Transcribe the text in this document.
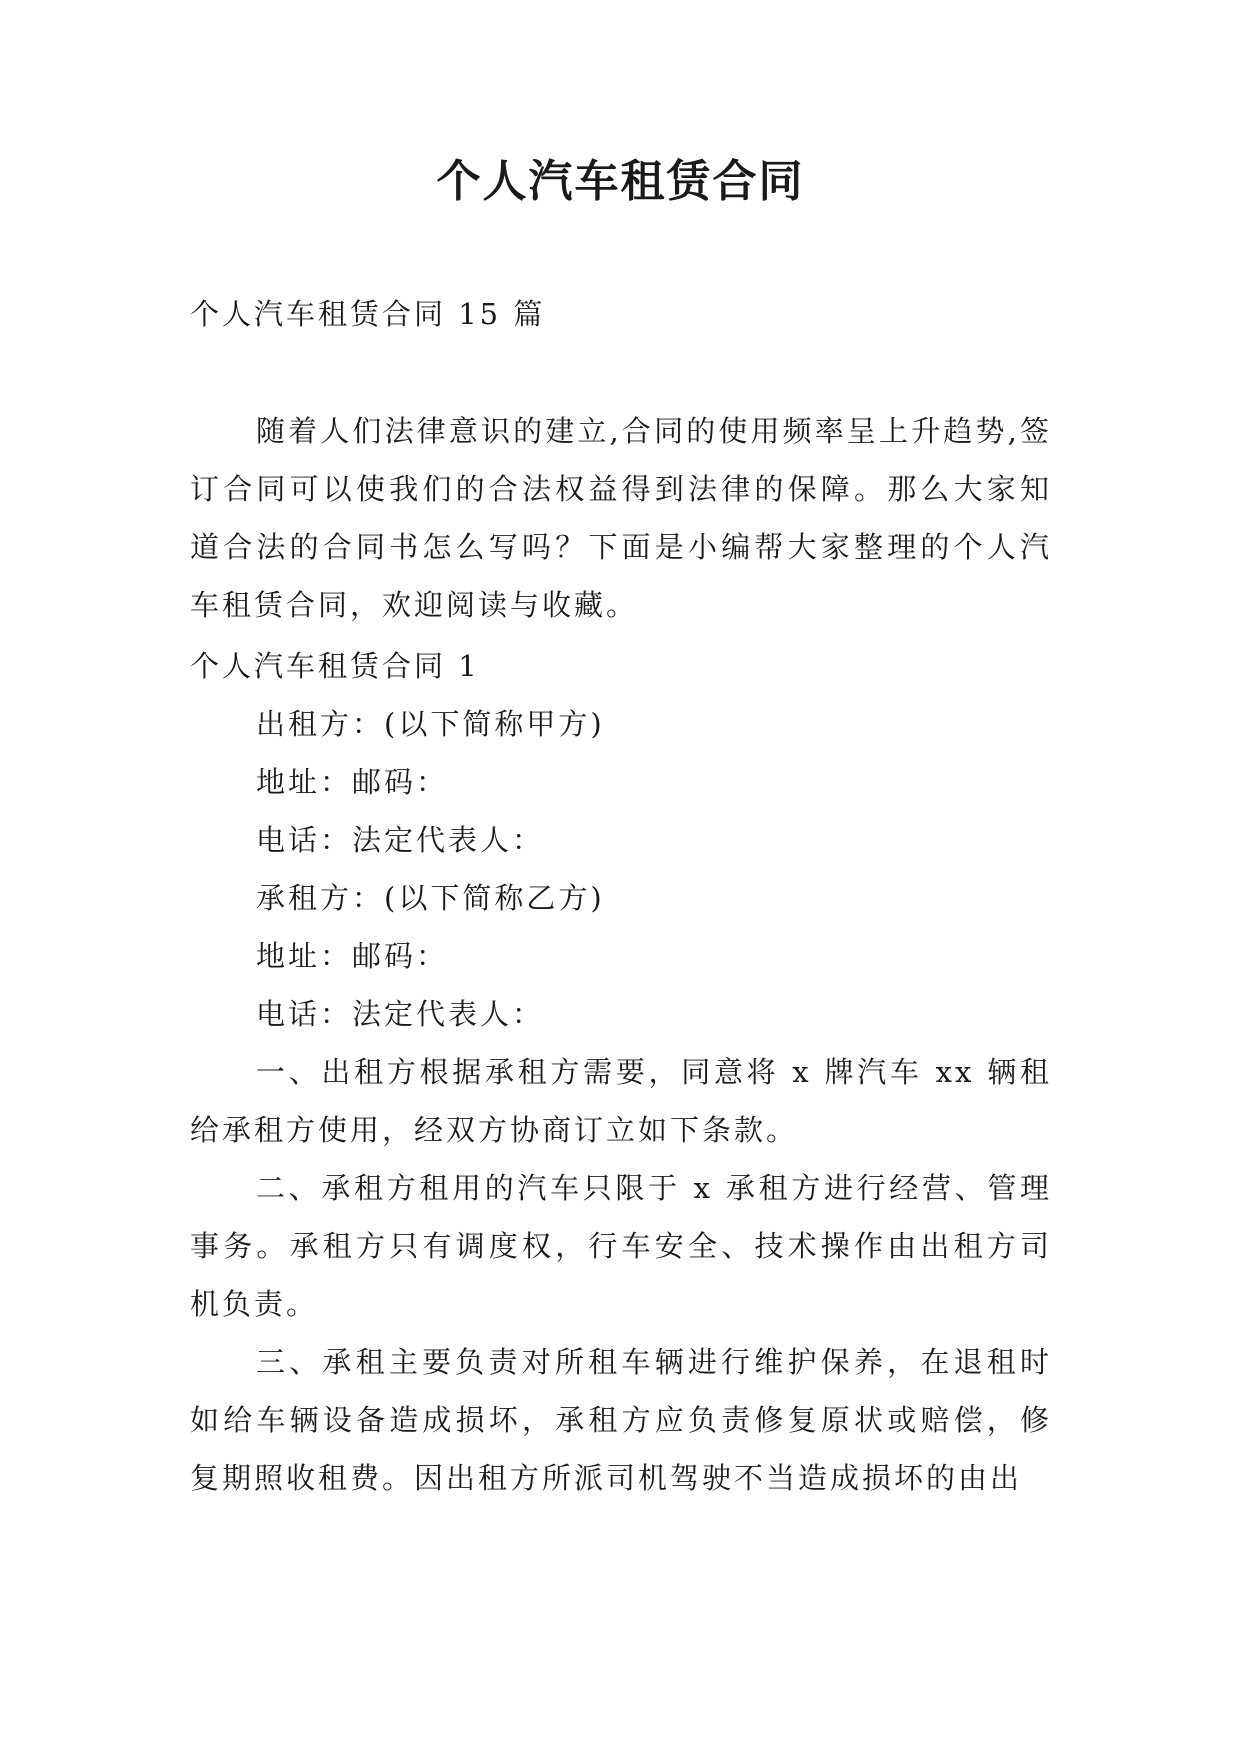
个人汽车租赁合同

个人汽车租赁合同 15 篇

随着人们法律意识的建立,合同的使用频率呈上升趋势,签订合同可以使我们的合法权益得到法律的保障。那么大家知道合法的合同书怎么写吗？下面是小编帮大家整理的个人汽车租赁合同，欢迎阅读与收藏。

个人汽车租赁合同 1

出租方：(以下简称甲方)

地址：邮码：

电话：法定代表人：

承租方：(以下简称乙方)

地址：邮码：

电话：法定代表人：

一、出租方根据承租方需要，同意将 x 牌汽车 xx 辆租给承租方使用，经双方协商订立如下条款。

二、承租方租用的汽车只限于 x 承租方进行经营、管理事务。承租方只有调度权，行车安全、技术操作由出租方司机负责。

三、承租主要负责对所租车辆进行维护保养，在退租时如给车辆设备造成损坏，承租方应负责修复原状或赔偿，修复期照收租费。因出租方所派司机驾驶不当造成损坏的由出
